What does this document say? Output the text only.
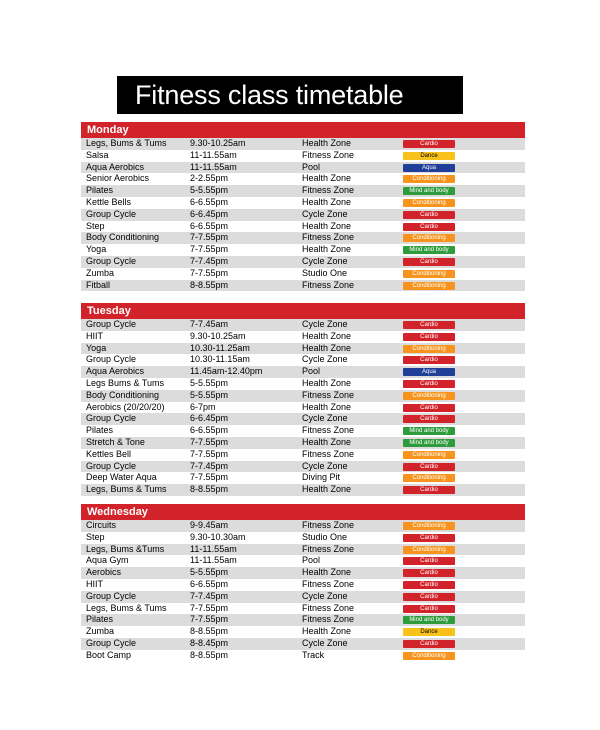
Fitness class timetable
Monday
Legs, Bums & Tums	9.30-10.25am	Health Zone	Cardio
Salsa	11-11.55am	Fitness Zone	Dance
Aqua Aerobics	11-11.55am	Pool	Aqua
Senior Aerobics	2-2.55pm	Health Zone	Conditioning
Pilates	5-5.55pm	Fitness Zone	Mind and body
Kettle Bells	6-6.55pm	Health Zone	Conditioning
Group Cycle	6-6.45pm	Cycle Zone	Cardio
Step	6-6.55pm	Health Zone	Cardio
Body Conditioning	7-7.55pm	Fitness Zone	Conditioning
Yoga	7-7.55pm	Health Zone	Mind and body
Group Cycle	7-7.45pm	Cycle Zone	Cardio
Zumba	7-7.55pm	Studio One	Conditioning
Fitball	8-8.55pm	Fitness Zone	Conditioning
Tuesday
Group Cycle	7-7.45am	Cycle Zone	Cardio
HIIT	9.30-10.25am	Health Zone	Cardio
Yoga	10.30-11.25am	Health Zone	Conditioning
Group Cycle	10.30-11.15am	Cycle Zone	Cardio
Aqua Aerobics	11.45am-12.40pm	Pool	Aqua
Legs Bums & Tums	5-5.55pm	Health Zone	Cardio
Body Conditioning	5-5.55pm	Fitness Zone	Conditioning
Aerobics (20/20/20)	6-7pm	Health Zone	Cardio
Group Cycle	6-6.45pm	Cycle Zone	Cardio
Pilates	6-6.55pm	Fitness Zone	Mind and body
Stretch & Tone	7-7.55pm	Health Zone	Mind and body
Kettles Bell	7-7.55pm	Fitness Zone	Conditioning
Group Cycle	7-7.45pm	Cycle Zone	Cardio
Deep Water Aqua	7-7.55pm	Diving Pit	Conditioning
Legs, Bums & Tums	8-8.55pm	Health Zone	Cardio
Wednesday
Circuits	9-9.45am	Fitness Zone	Conditioning
Step	9.30-10.30am	Studio One	Cardio
Legs, Bums &Tums	11-11.55am	Fitness Zone	Conditioning
Aqua Gym	11-11.55am	Pool	Cardio
Aerobics	5-5.55pm	Health Zone	Cardio
HIIT	6-6.55pm	Fitness Zone	Cardio
Group Cycle	7-7.45pm	Cycle Zone	Cardio
Legs, Bums & Tums	7-7.55pm	Fitness Zone	Cardio
Pilates	7-7.55pm	Fitness Zone	Mind and body
Zumba	8-8.55pm	Health Zone	Dance
Group Cycle	8-8.45pm	Cycle Zone	Cardio
Boot Camp	8-8.55pm	Track	Conditioning
